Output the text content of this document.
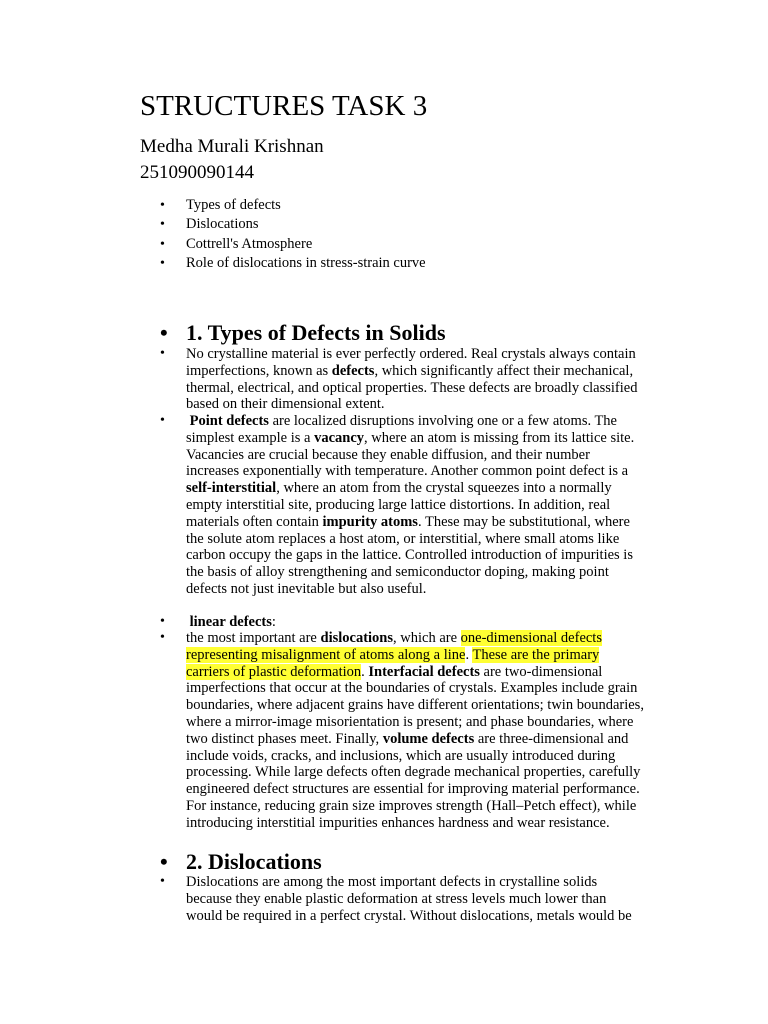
STRUCTURES TASK 3
Medha Murali Krishnan
251090090144
• Types of defects
• Dislocations
• Cottrell's Atmosphere
• Role of dislocations in stress-strain curve
• 1. Types of Defects in Solids
• No crystalline material is ever perfectly ordered. Real crystals always contain
imperfections, known as defects, which significantly affect their mechanical,
thermal, electrical, and optical properties. These defects are broadly classified
based on their dimensional extent.
• Point defects are localized disruptions involving one or a few atoms. The
simplest example is a vacancy, where an atom is missing from its lattice site.
Vacancies are crucial because they enable diffusion, and their number
increases exponentially with temperature. Another common point defect is a
self-interstitial, where an atom from the crystal squeezes into a normally
empty interstitial site, producing large lattice distortions. In addition, real
materials often contain impurity atoms. These may be substitutional, where
the solute atom replaces a host atom, or interstitial, where small atoms like
carbon occupy the gaps in the lattice. Controlled introduction of impurities is
the basis of alloy strengthening and semiconductor doping, making point
defects not just inevitable but also useful.
• linear defects:
• the most important are dislocations, which are one-dimensional defects
representing misalignment of atoms along a line. These are the primary
carriers of plastic deformation. Interfacial defects are two-dimensional
imperfections that occur at the boundaries of crystals. Examples include grain
boundaries, where adjacent grains have different orientations; twin boundaries,
where a mirror-image misorientation is present; and phase boundaries, where
two distinct phases meet. Finally, volume defects are three-dimensional and
include voids, cracks, and inclusions, which are usually introduced during
processing. While large defects often degrade mechanical properties, carefully
engineered defect structures are essential for improving material performance.
For instance, reducing grain size improves strength (Hall–Petch effect), while
introducing interstitial impurities enhances hardness and wear resistance.
• 2. Dislocations
• Dislocations are among the most important defects in crystalline solids
because they enable plastic deformation at stress levels much lower than
would be required in a perfect crystal. Without dislocations, metals would be
